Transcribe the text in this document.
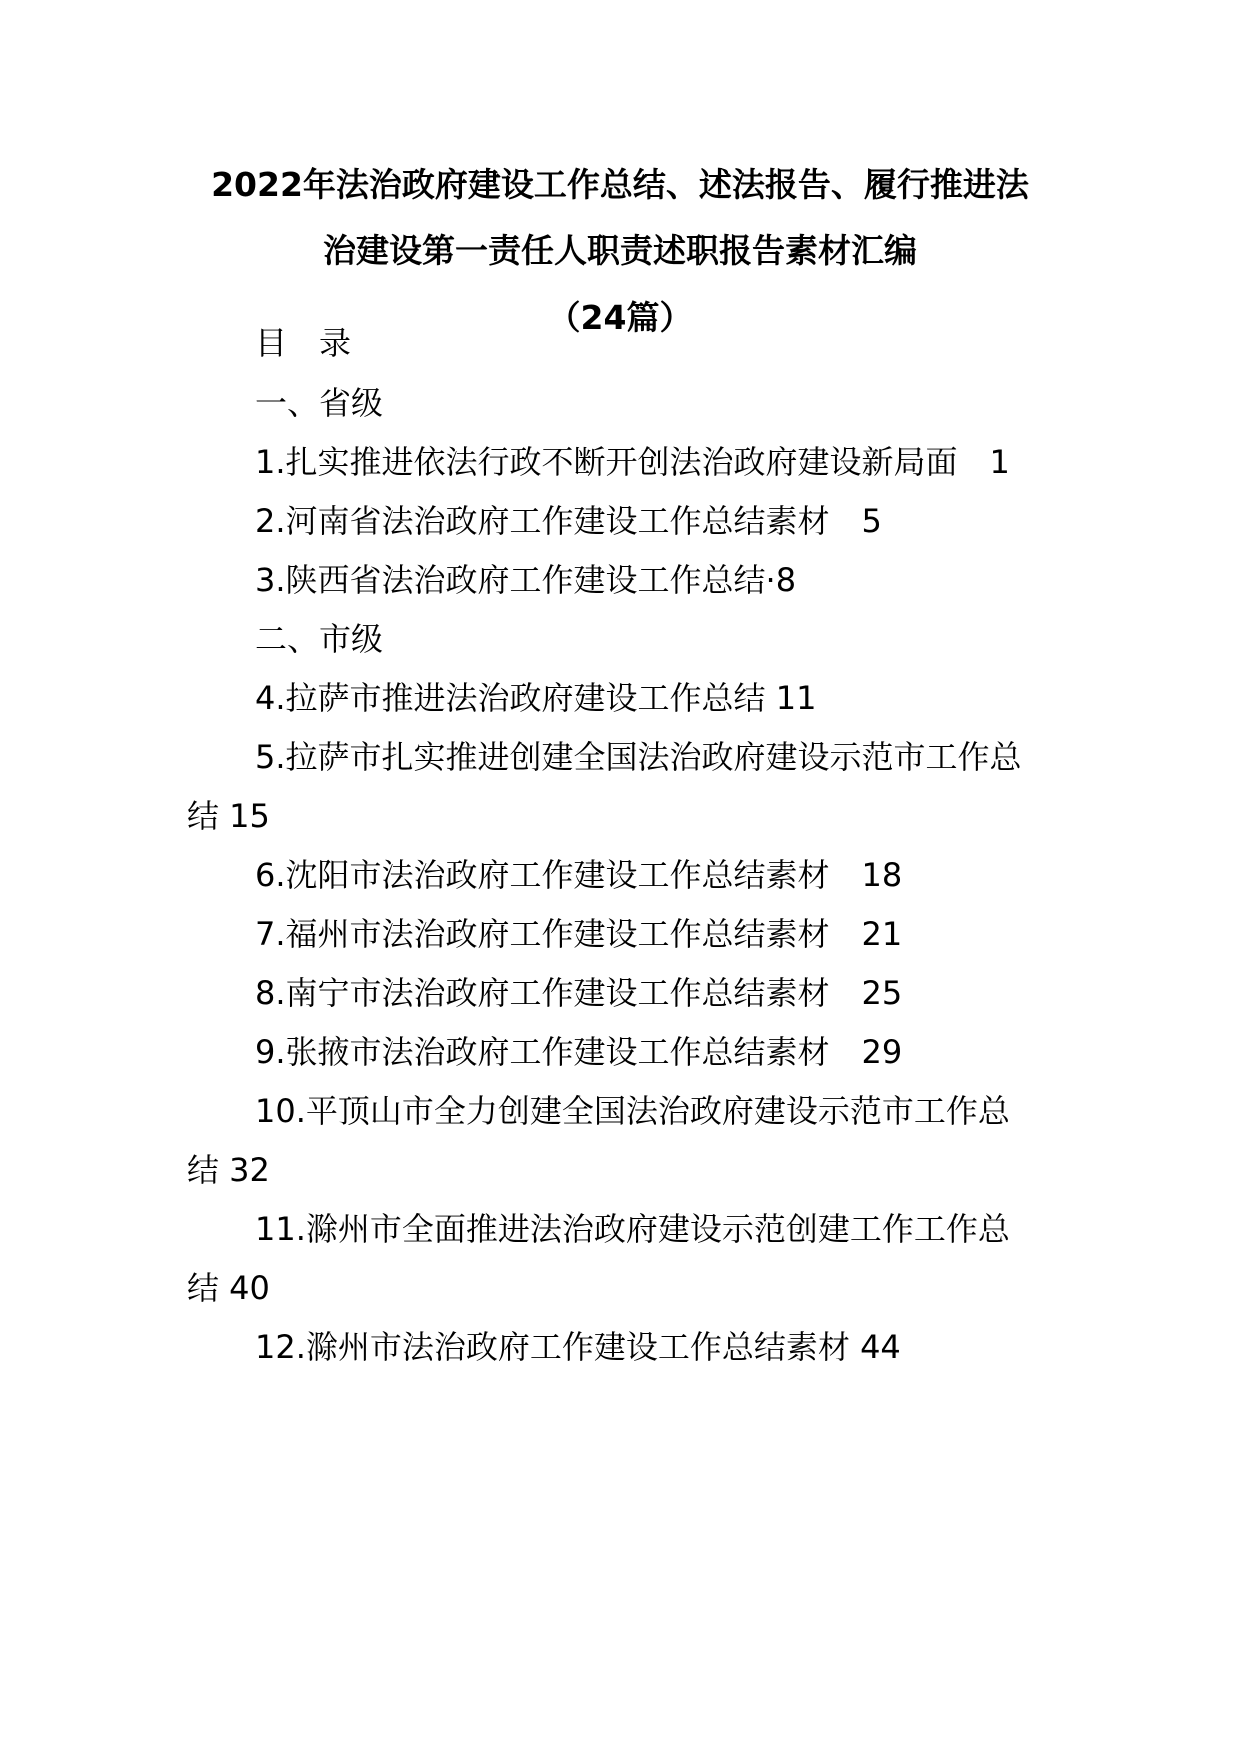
2022年法治政府建设工作总结、述法报告、履行推进法
治建设第一责任人职责述职报告素材汇编
（24篇）
目　录
一、省级
1.扎实推进依法行政不断开创法治政府建设新局面　1
2.河南省法治政府工作建设工作总结素材　5
3.陕西省法治政府工作建设工作总结·8
二、市级
4.拉萨市推进法治政府建设工作总结 11
5.拉萨市扎实推进创建全国法治政府建设示范市工作总
结 15
6.沈阳市法治政府工作建设工作总结素材　18
7.福州市法治政府工作建设工作总结素材　21
8.南宁市法治政府工作建设工作总结素材　25
9.张掖市法治政府工作建设工作总结素材　29
10.平顶山市全力创建全国法治政府建设示范市工作总
结 32
11.滁州市全面推进法治政府建设示范创建工作工作总
结 40
12.滁州市法治政府工作建设工作总结素材 44
